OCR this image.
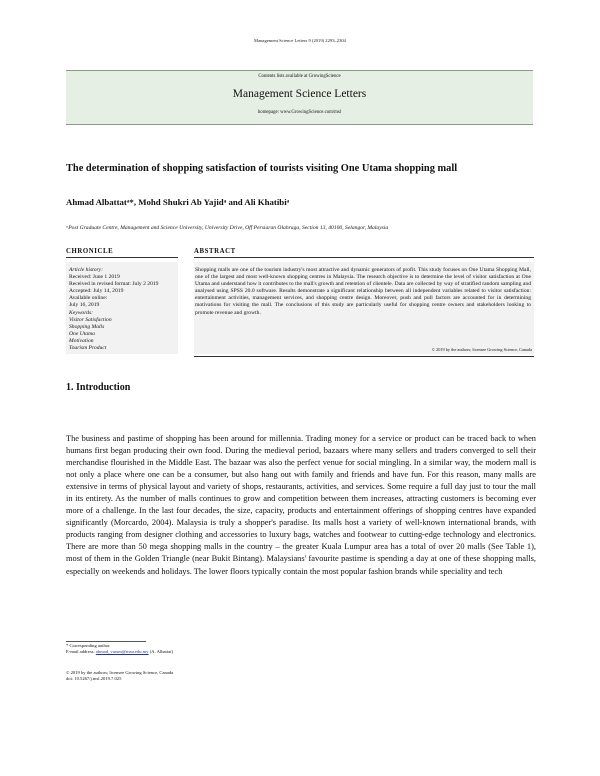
Management Science Letters 9 (2019) 2293–2304
Contents lists available at GrowingScience
Management Science Letters
homepage: www.GrowingScience.com/msl
The determination of shopping satisfaction of tourists visiting One Utama shopping mall
Ahmad Albattatᵃ*, Mohd Shukri Ab Yajidᵃ and Ali Khatibiᵃ
ᵃPost Graduate Centre, Management and Science University, University Drive, Off Persiaran Olahraga, Section 13, 40100, Selangor, Malaysia
CHRONICLE	ABSTRACT
Article history:
Received: June 1 2019
Received in revised format: July 2 2019
Accepted: July 14, 2019
Available online:
July 16, 2019
Keywords:
Visitor Satisfaction
Shopping Malls
One Utama
Motivation
Tourism Product
Shopping malls are one of the tourism industry's most attractive and dynamic generators of profit. This study focuses on One Utama Shopping Mall, one of the largest and most well-known shopping centres in Malaysia. The research objective is to determine the level of visitor satisfaction at One Utama and understand how it contributes to the mall's growth and retention of clientele. Data are collected by way of stratified random sampling and analysed using SPSS 20.0 software. Results demonstrate a significant relationship between all independent variables related to visitor satisfaction: entertainment activities, management services, and shopping centre design. Moreover, push and pull factors are accounted for in determining motivations for visiting the mall. The conclusions of this study are particularly useful for shopping centre owners and stakeholders looking to promote revenue and growth.
© 2019 by the authors; licensee Growing Science, Canada
1. Introduction
The business and pastime of shopping has been around for millennia. Trading money for a service or product can be traced back to when humans first began producing their own food. During the medieval period, bazaars where many sellers and traders converged to sell their merchandise flourished in the Middle East. The bazaar was also the perfect venue for social mingling. In a similar way, the modern mall is not only a place where one can be a consumer, but also hang out with family and friends and have fun. For this reason, many malls are extensive in terms of physical layout and variety of shops, restaurants, activities, and services. Some require a full day just to tour the mall in its entirety. As the number of malls continues to grow and competition between them increases, attracting customers is becoming ever more of a challenge. In the last four decades, the size, capacity, products and entertainment offerings of shopping centres have expanded significantly (Morcardo, 2004). Malaysia is truly a shopper's paradise. Its malls host a variety of well-known international brands, with products ranging from designer clothing and accessories to luxury bags, watches and footwear to cutting-edge technology and electronics. There are more than 50 mega shopping malls in the country – the greater Kuala Lumpur area has a total of over 20 malls (See Table 1), most of them in the Golden Triangle (near Bukit Bintang). Malaysians' favourite pastime is spending a day at one of these shopping malls, especially on weekends and holidays. The lower floors typically contain the most popular fashion brands while speciality and tech
* Corresponding author.
E-mail address: ahmad_vassm@msu.edu.my (A. Albattat)
© 2019 by the authors; licensee Growing Science, Canada
doi: 10.5267/j.msl.2019.7.025
